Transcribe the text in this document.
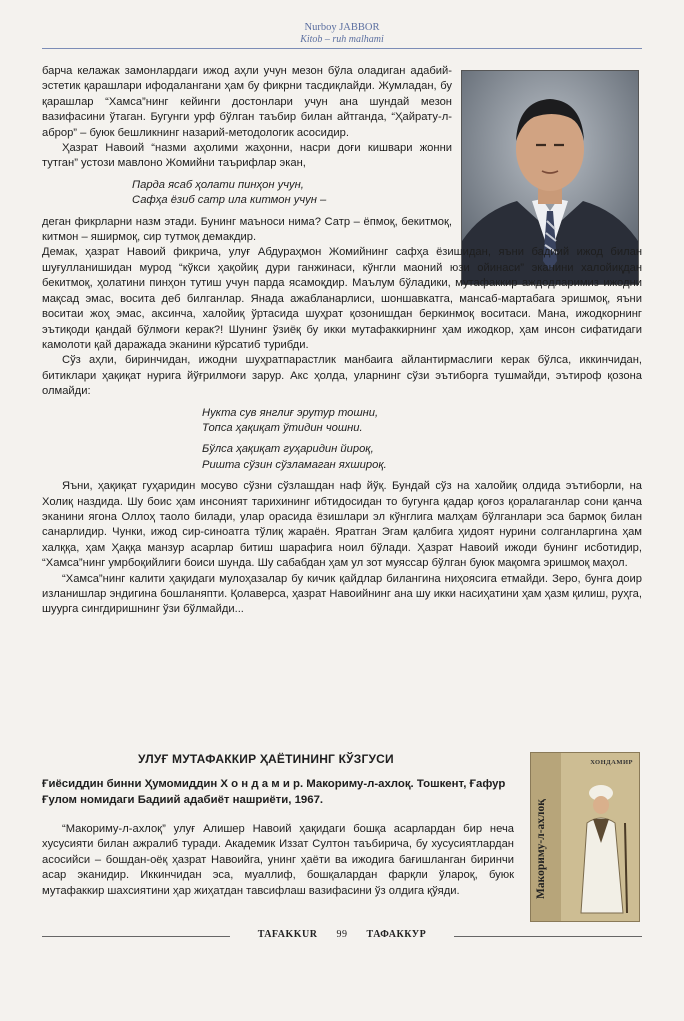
Nurboy JABBOR
Kitob – ruh malhami

барча келажак замонлардаги ижод аҳли учун мезон бўла оладиган адабий-эстетик қарашлари ифодалангани ҳам бу фикрни тасдиқлайди. Жумладан, бу қарашлар “Хамса”нинг кейинги достонлари учун ана шундай мезон вазифасини ўтаган. Бугунги урф бўлган таъбир билан айтганда, “Ҳайрату-л-аброр” – буюк бешликнинг назарий-методологик асосидир.

Ҳазрат Навоий “назми аҳолими жаҳонни, насри доғи кишвари жонни тутган” устози мавлоно Жомийни таърифлар экан,

Парда ясаб ҳолати пинҳон учун,
Сафҳа ёзиб сатр ила китмон учун –

деган фикрларни назм этади. Бунинг маъноси нима? Сатр – ёпмоқ, бекитмоқ, китмон – яширмоқ, сир тутмоқ демакдир.

Демак, ҳазрат Навоий фикрича, улуғ Абдураҳмон Жомийнинг сафҳа ёзишидан, яъни бадиий ижод билан шуғулланишидан мурод “кўкси ҳақойиқ дури ганжинаси, кўнгли маоний юзи ойинаси” эканини халойиқдан бекитмоқ, ҳолатини пинҳон тутиш учун парда ясамоқдир. Маълум бўладики, мутафаккир аждодларимиз ижодни мақсад эмас, восита деб билганлар. Янада ажабланарлиси, шоншавкатга, мансаб-мартабага эришмоқ, яъни воситаи жоҳ эмас, аксинча, халойиқ ўртасида шуҳрат қозонишдан беркинмоқ воситаси. Мана, ижодкорнинг эътиқоди қандай бўлмоғи керак?! Шунинг ўзиёқ бу икки мутафаккирнинг ҳам ижодкор, ҳам инсон сифатидаги камолоти қай даражада эканини кўрсатиб турибди.

Сўз аҳли, биринчидан, ижодни шуҳратпарастлик манбаига айлантирмаслиги керак бўлса, иккинчидан, битиклари ҳақиқат нурига йўғрилмоғи зарур. Акс ҳолда, уларнинг сўзи эътиборга тушмайди, эътироф қозона олмайди:

Нукта сув янглиғ эрутур тошни,
Топса ҳақиқат ўтидин чошни.
Бўлса ҳақиқат гуҳаридин йироқ,
Ришта сўзин сўзламаган яхшироқ.

Яъни, ҳақиқат гуҳаридин мосуво сўзни сўзлашдан наф йўқ. Бундай сўз на халойиқ олдида эътиборли, на Холиқ наздида. Шу боис ҳам инсоният тарихининг ибтидосидан то бугунга қадар қоғоз қоралаганлар сони қанча эканини ягона Оллоҳ таоло билади, улар орасида ёзишлари эл кўнглига малҳам бўлганлари эса бармоқ билан санарлидир. Чунки, ижод сир-синоатга тўлиқ жараён. Яратган Эгам қалбига ҳидоят нурини солганларгина ҳам халққа, ҳам Ҳаққа манзур асарлар битиш шарафига ноил бўлади. Ҳазрат Навоий ижоди бунинг исботидир, “Хамса”нинг умрбоқийлиги боиси шунда. Шу сабабдан ҳам ул зот муяссар бўлган буюк мақомга эришмоқ маҳол.

“Хамса”нинг калити ҳақидаги мулоҳазалар бу кичик қайдлар билангина ниҳоясига етмайди. Зеро, бунга доир изланишлар эндигина бошланяпти. Қолаверса, ҳазрат Навоийнинг ана шу икки насиҳатини ҳам ҳазм қилиш, руҳга, шуурга сингдиришнинг ўзи бўлмайди...

УЛУҒ МУТАФАККИР ҲАЁТИНИНГ КЎЗГУСИ
Ғиёсиддин бинни Ҳумомиддин Х о н д а м и р. Макориму-л-ахлоқ. Тошкент, Ғафур Ғулом номидаги Бадиий адабиёт нашриёти, 1967.

“Макориму-л-ахлоқ” улуғ Алишер Навоий ҳақидаги бошқа асарлардан бир неча хусусияти билан ажралиб туради. Академик Иззат Султон таъбирича, бу хусусиятлардан асосийси – бошдан-оёқ ҳазрат Навоийга, унинг ҳаёти ва ижодига бағишланган биринчи асар эканидир. Иккинчидан эса, муаллиф, бошқалардан фарқли ўлароқ, буюк мутафаккир шахсиятини ҳар жиҳатдан тавсифлаш вазифасини ўз олдига қўяди.

ХОНДАМИР
Макориму-л-ахлоқ
TAFAKKUR 99 ТАФАККУР
